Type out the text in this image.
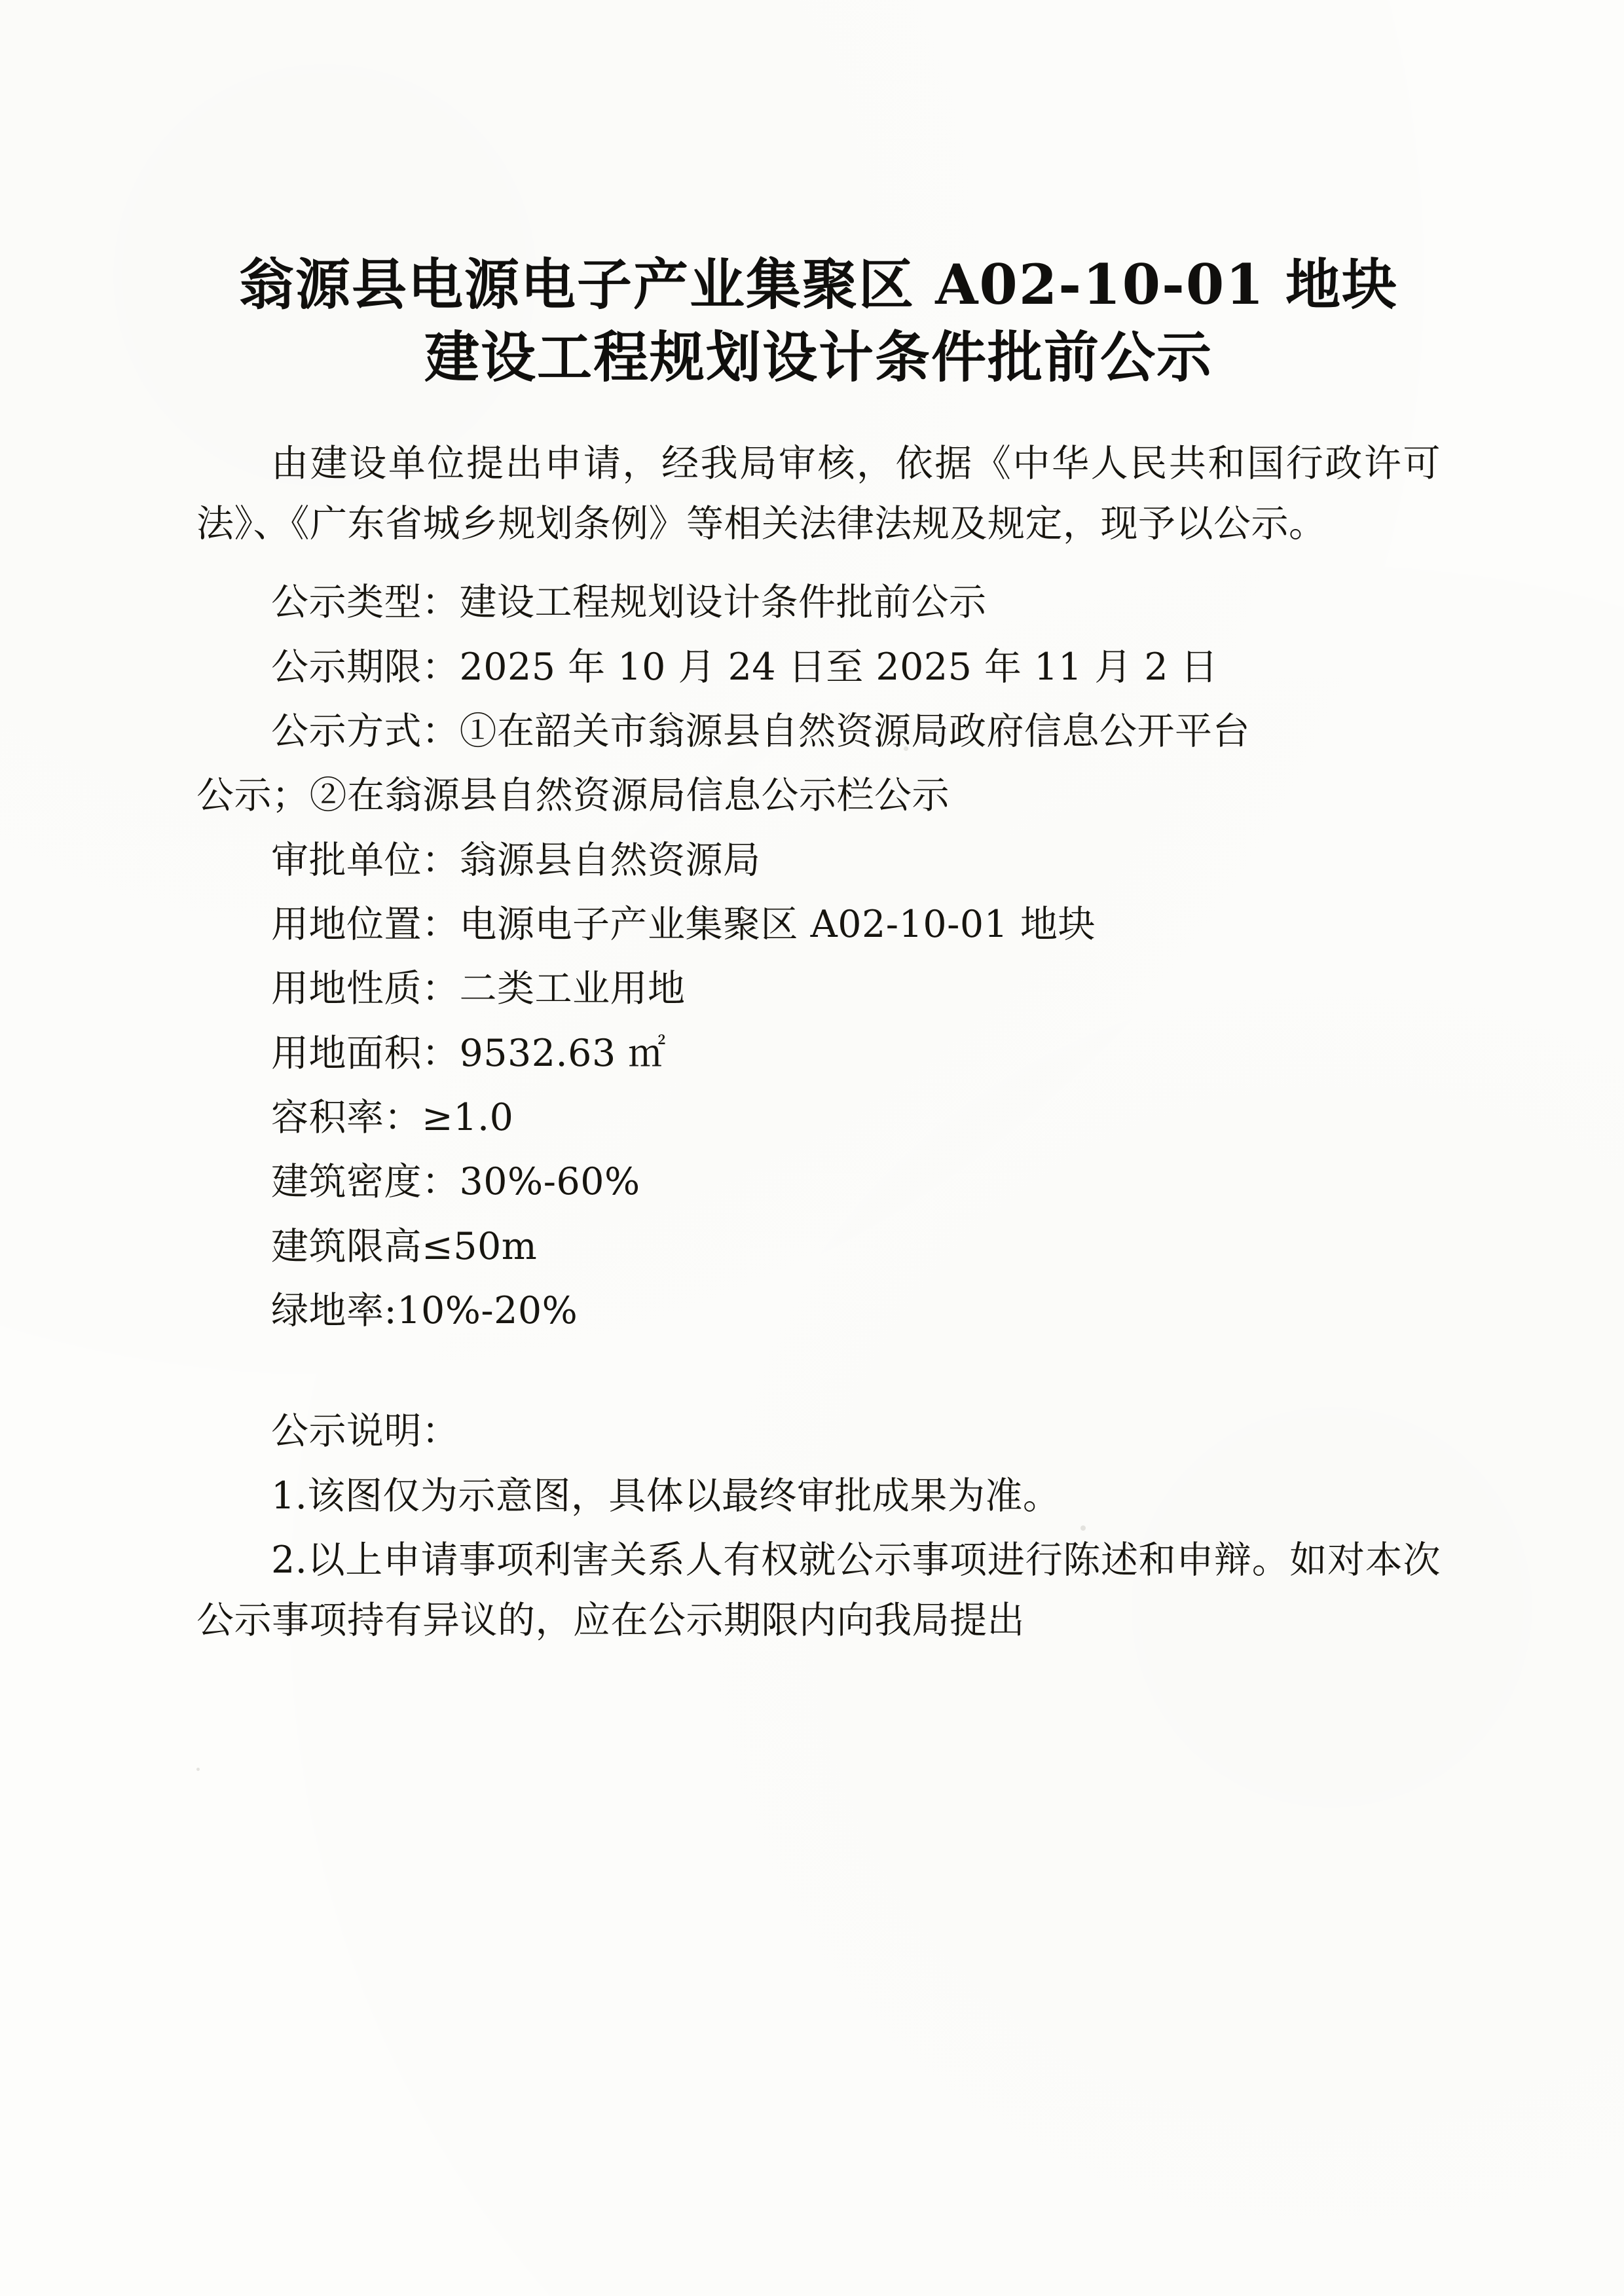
翁源县电源电子产业集聚区 A02-10-01 地块
建设工程规划设计条件批前公示

由建设单位提出申请，经我局审核，依据《中华人民共和国行政许可法》、《广东省城乡规划条例》等相关法律法规及规定，现予以公示。

公示类型：建设工程规划设计条件批前公示

公示期限：2025 年 10 月 24 日至 2025 年 11 月 2 日

公示方式：①在韶关市翁源县自然资源局政府信息公开平台

公示；②在翁源县自然资源局信息公示栏公示

审批单位：翁源县自然资源局

用地位置：电源电子产业集聚区 A02-10-01 地块

用地性质：二类工业用地

用地面积：9532.63 ㎡

容积率：≥1.0

建筑密度：30%-60%

建筑限高≤50m

绿地率:10%-20%

公示说明：

1.该图仅为示意图，具体以最终审批成果为准。

2.以上申请事项利害关系人有权就公示事项进行陈述和申辩。如对本次公示事项持有异议的，应在公示期限内向我局提出
